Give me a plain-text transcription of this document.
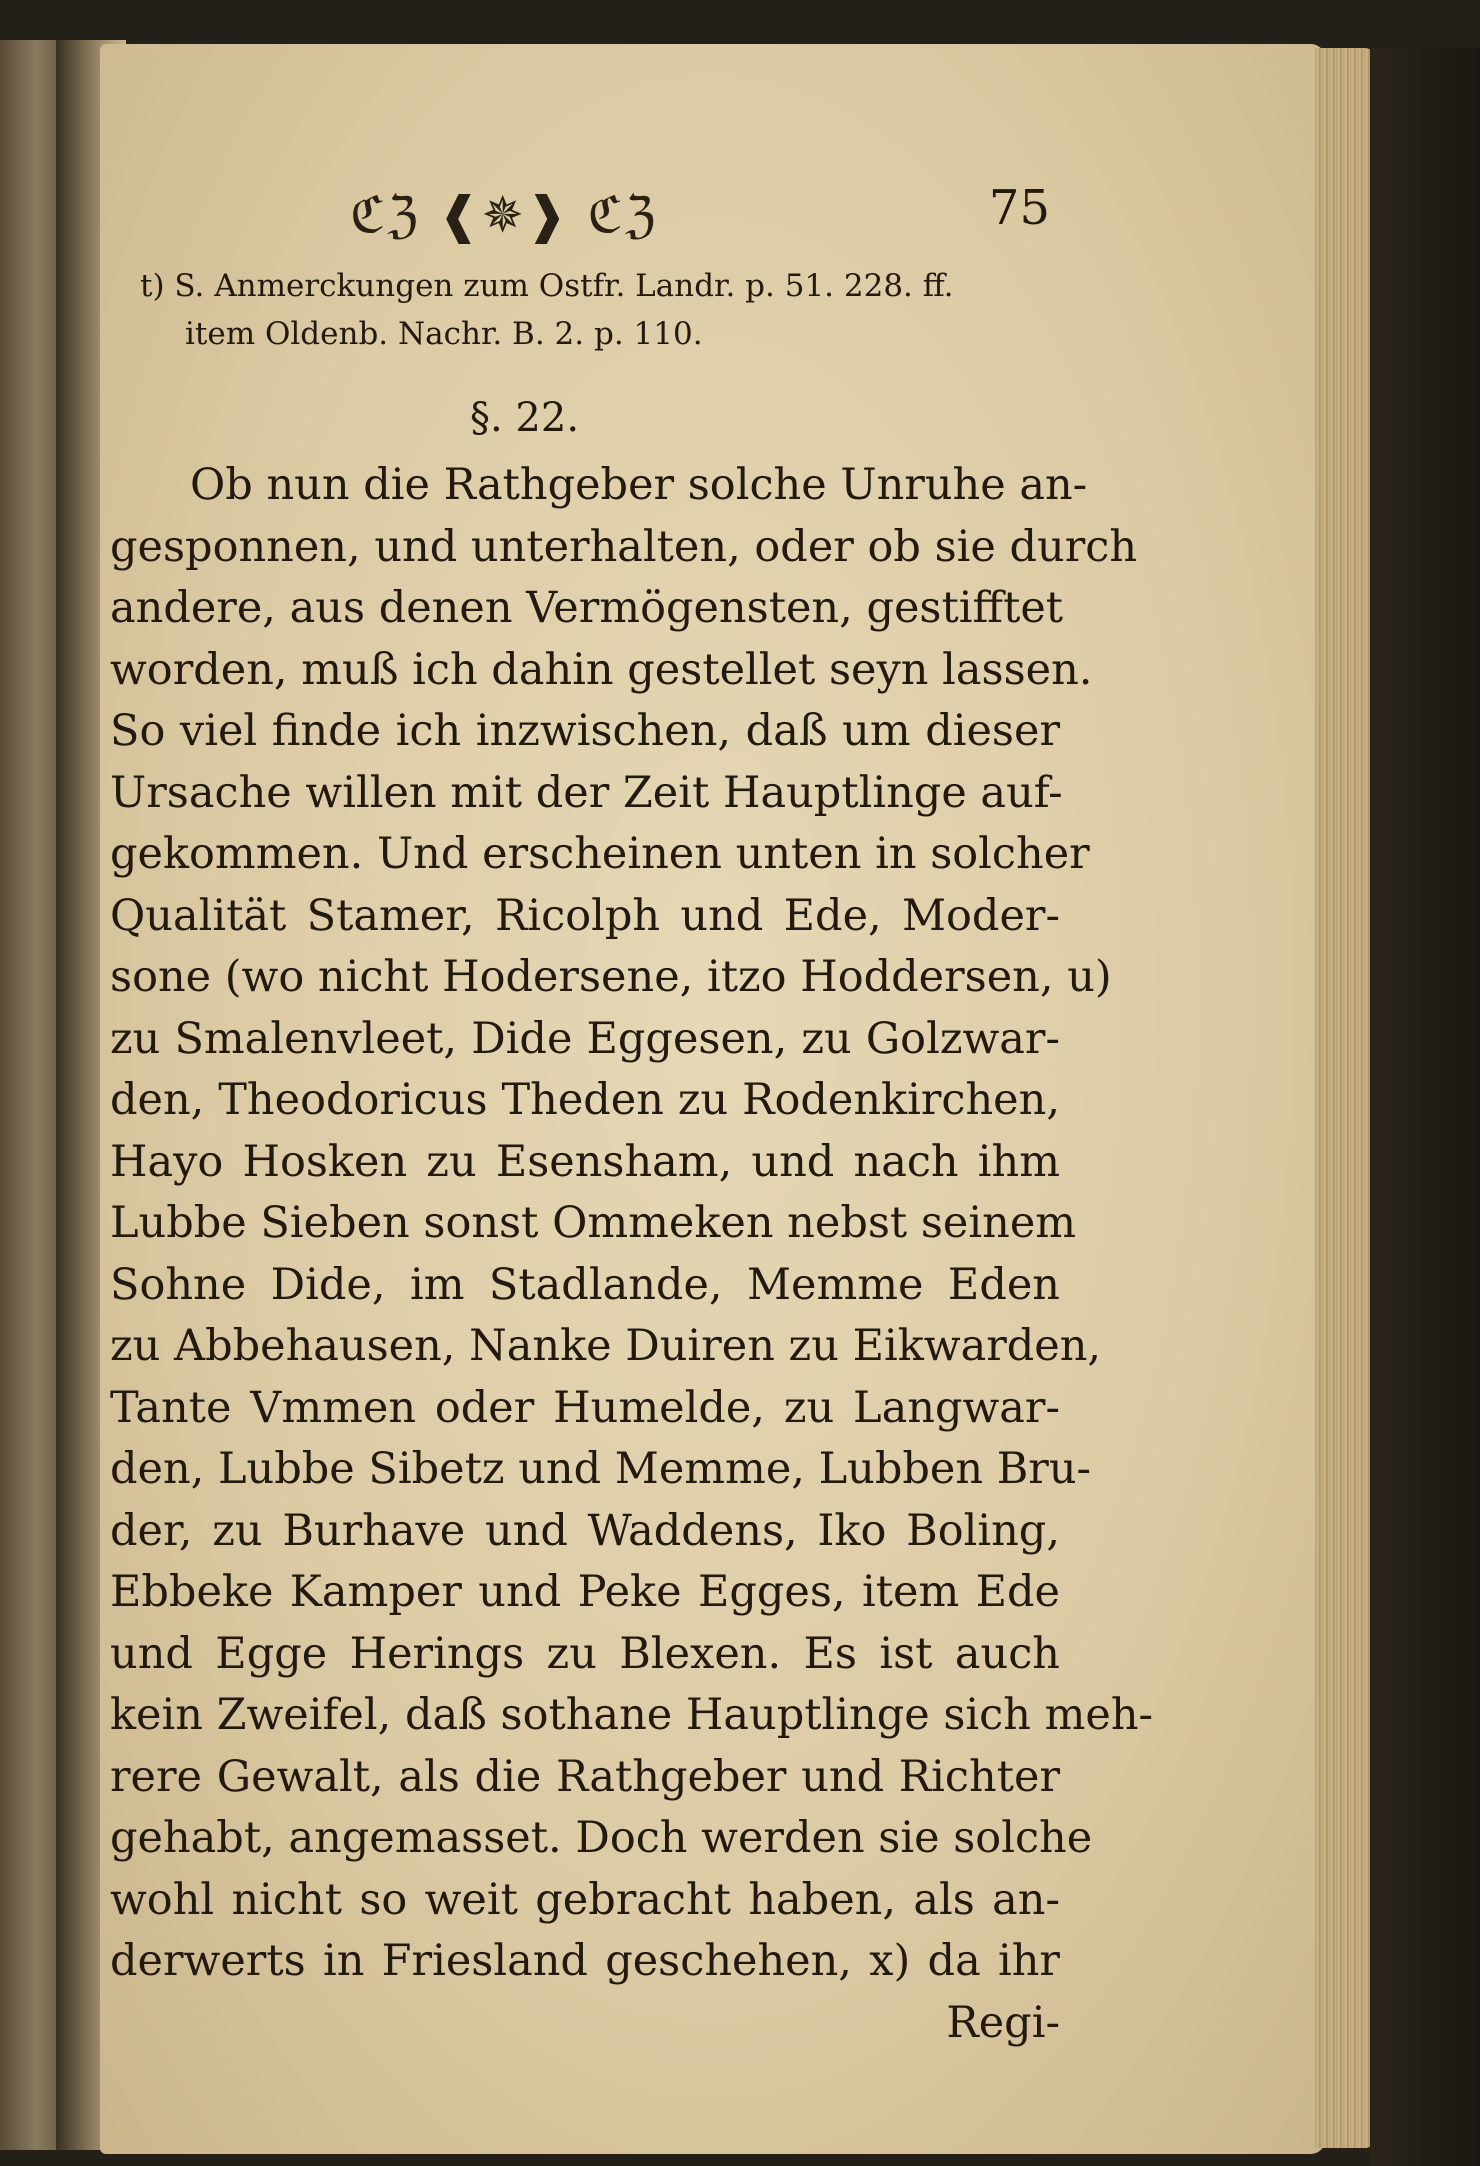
ℭℨ ❰✵❱ ℭℨ	75
t) S. Anmerckungen zum Ostfr. Landr. p. 51. 228. ff.
item Oldenb. Nachr. B. 2. p. 110.
§. 22.
Ob nun die Rathgeber solche Unruhe an-
gesponnen, und unterhalten, oder ob sie durch
andere, aus denen Vermögensten, gestifftet
worden, muß ich dahin gestellet seyn lassen.
So viel finde ich inzwischen, daß um dieser
Ursache willen mit der Zeit Hauptlinge auf-
gekommen. Und erscheinen unten in solcher
Qualität Stamer, Ricolph und Ede, Moder-
sone (wo nicht Hodersene, itzo Hoddersen, u)
zu Smalenvleet, Dide Eggesen, zu Golzwar-
den, Theodoricus Theden zu Rodenkirchen,
Hayo Hosken zu Esensham, und nach ihm
Lubbe Sieben sonst Ommeken nebst seinem
Sohne Dide, im Stadlande, Memme Eden
zu Abbehausen, Nanke Duiren zu Eikwarden,
Tante Vmmen oder Humelde, zu Langwar-
den, Lubbe Sibetz und Memme, Lubben Bru-
der, zu Burhave und Waddens, Iko Boling,
Ebbeke Kamper und Peke Egges, item Ede
und Egge Herings zu Blexen. Es ist auch
kein Zweifel, daß sothane Hauptlinge sich meh-
rere Gewalt, als die Rathgeber und Richter
gehabt, angemasset. Doch werden sie solche
wohl nicht so weit gebracht haben, als an-
derwerts in Friesland geschehen, x) da ihr
Regi-
